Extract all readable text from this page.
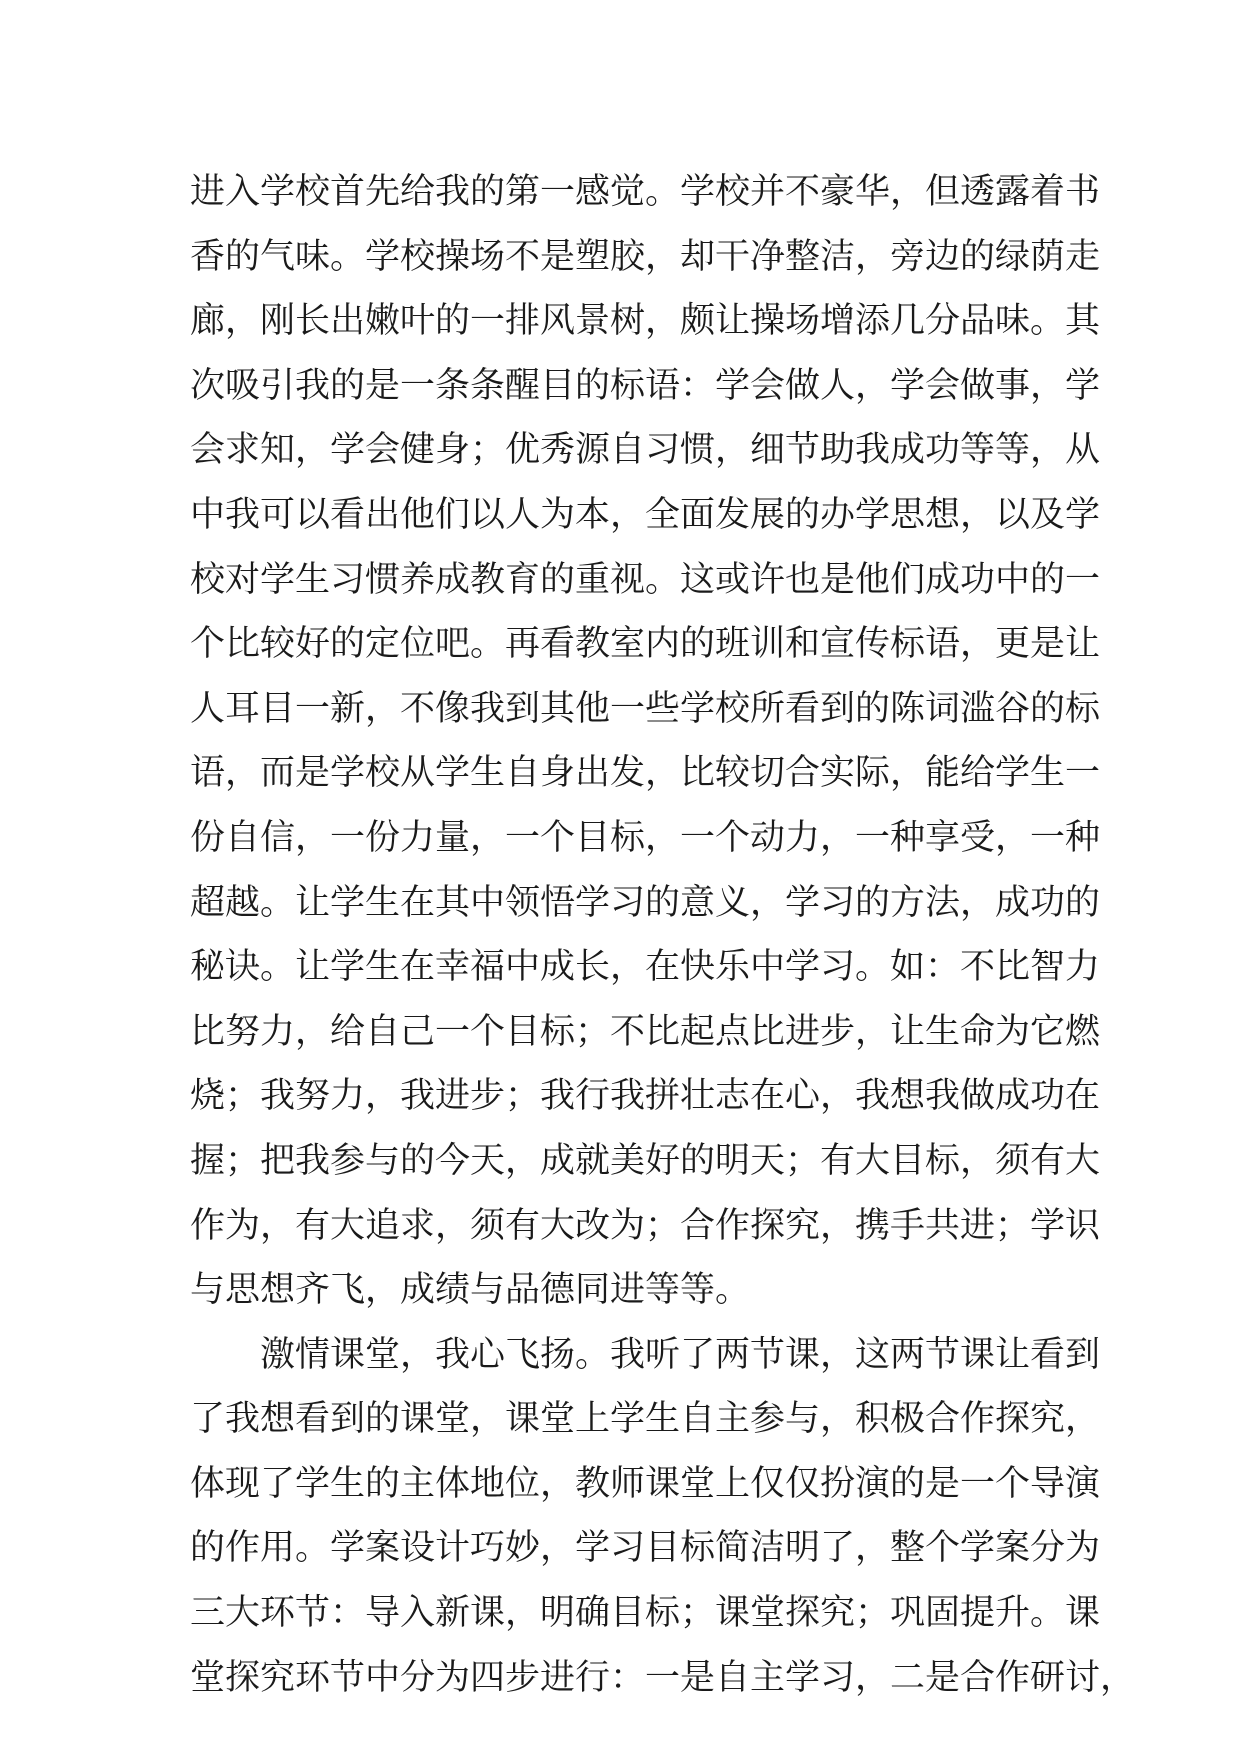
进入学校首先给我的第一感觉。学校并不豪华，但透露着书
香的气味。学校操场不是塑胶，却干净整洁，旁边的绿荫走
廊，刚长出嫩叶的一排风景树，颇让操场增添几分品味。其
次吸引我的是一条条醒目的标语：学会做人，学会做事，学
会求知，学会健身；优秀源自习惯，细节助我成功等等，从
中我可以看出他们以人为本，全面发展的办学思想，以及学
校对学生习惯养成教育的重视。这或许也是他们成功中的一
个比较好的定位吧。再看教室内的班训和宣传标语，更是让
人耳目一新，不像我到其他一些学校所看到的陈词滥谷的标
语，而是学校从学生自身出发，比较切合实际，能给学生一
份自信，一份力量，一个目标，一个动力，一种享受，一种
超越。让学生在其中领悟学习的意义，学习的方法，成功的
秘诀。让学生在幸福中成长，在快乐中学习。如：不比智力
比努力，给自己一个目标；不比起点比进步，让生命为它燃
烧；我努力，我进步；我行我拼壮志在心，我想我做成功在
握；把我参与的今天，成就美好的明天；有大目标，须有大
作为，有大追求，须有大改为；合作探究，携手共进；学识
与思想齐飞，成绩与品德同进等等。
激情课堂，我心飞扬。我听了两节课，这两节课让看到
了我想看到的课堂，课堂上学生自主参与，积极合作探究，
体现了学生的主体地位，教师课堂上仅仅扮演的是一个导演
的作用。学案设计巧妙，学习目标简洁明了，整个学案分为
三大环节：导入新课，明确目标；课堂探究；巩固提升。课
堂探究环节中分为四步进行：一是自主学习，二是合作研讨，
